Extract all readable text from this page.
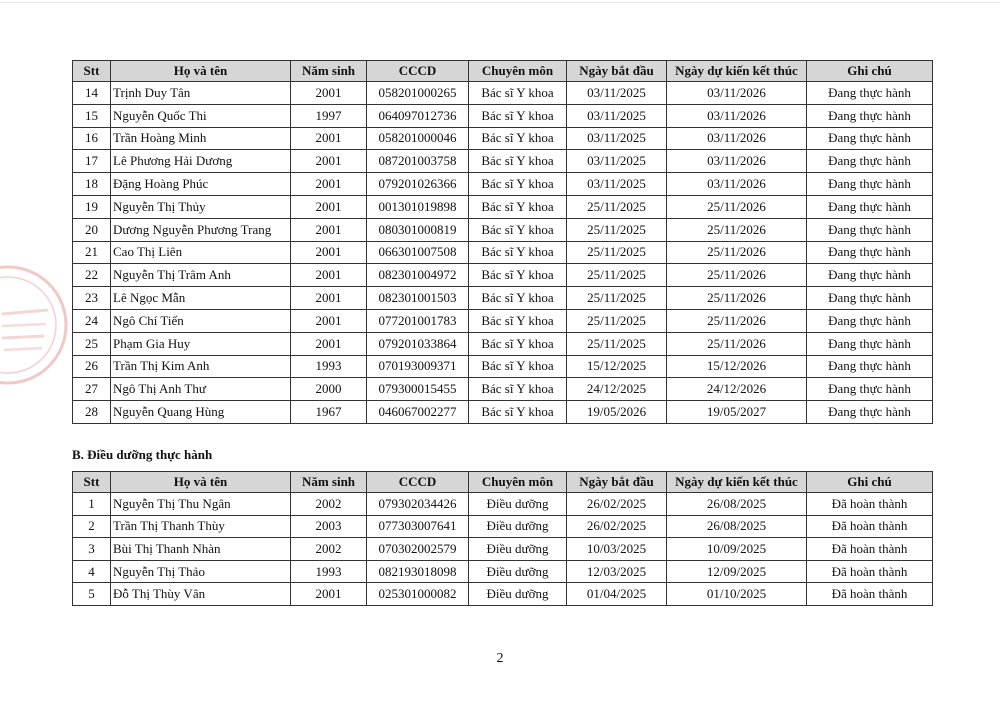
Stt	Họ và tên	Năm sinh	CCCD	Chuyên môn	Ngày bắt đầu	Ngày dự kiến kết thúc	Ghi chú
14	Trịnh Duy Tân	2001	058201000265	Bác sĩ Y khoa	03/11/2025	03/11/2026	Đang thực hành
15	Nguyễn Quốc Thi	1997	064097012736	Bác sĩ Y khoa	03/11/2025	03/11/2026	Đang thực hành
16	Trần Hoàng Minh	2001	058201000046	Bác sĩ Y khoa	03/11/2025	03/11/2026	Đang thực hành
17	Lê Phương Hải Dương	2001	087201003758	Bác sĩ Y khoa	03/11/2025	03/11/2026	Đang thực hành
18	Đặng Hoàng Phúc	2001	079201026366	Bác sĩ Y khoa	03/11/2025	03/11/2026	Đang thực hành
19	Nguyễn Thị Thủy	2001	001301019898	Bác sĩ Y khoa	25/11/2025	25/11/2026	Đang thực hành
20	Dương Nguyễn Phương Trang	2001	080301000819	Bác sĩ Y khoa	25/11/2025	25/11/2026	Đang thực hành
21	Cao Thị Liên	2001	066301007508	Bác sĩ Y khoa	25/11/2025	25/11/2026	Đang thực hành
22	Nguyễn Thị Trâm Anh	2001	082301004972	Bác sĩ Y khoa	25/11/2025	25/11/2026	Đang thực hành
23	Lê Ngọc Mẫn	2001	082301001503	Bác sĩ Y khoa	25/11/2025	25/11/2026	Đang thực hành
24	Ngô Chí Tiến	2001	077201001783	Bác sĩ Y khoa	25/11/2025	25/11/2026	Đang thực hành
25	Phạm Gia Huy	2001	079201033864	Bác sĩ Y khoa	25/11/2025	25/11/2026	Đang thực hành
26	Trần Thị Kim Anh	1993	070193009371	Bác sĩ Y khoa	15/12/2025	15/12/2026	Đang thực hành
27	Ngô Thị Anh Thư	2000	079300015455	Bác sĩ Y khoa	24/12/2025	24/12/2026	Đang thực hành
28	Nguyễn Quang Hùng	1967	046067002277	Bác sĩ Y khoa	19/05/2026	19/05/2027	Đang thực hành
B. Điều dưỡng thực hành
Stt	Họ và tên	Năm sinh	CCCD	Chuyên môn	Ngày bắt đầu	Ngày dự kiến kết thúc	Ghi chú
1	Nguyễn Thị Thu Ngân	2002	079302034426	Điều dưỡng	26/02/2025	26/08/2025	Đã hoàn thành
2	Trần Thị Thanh Thùy	2003	077303007641	Điều dưỡng	26/02/2025	26/08/2025	Đã hoàn thành
3	Bùi Thị Thanh Nhàn	2002	070302002579	Điều dưỡng	10/03/2025	10/09/2025	Đã hoàn thành
4	Nguyễn Thị Thảo	1993	082193018098	Điều dưỡng	12/03/2025	12/09/2025	Đã hoàn thành
5	Đỗ Thị Thùy Vân	2001	025301000082	Điều dưỡng	01/04/2025	01/10/2025	Đã hoàn thành
2
